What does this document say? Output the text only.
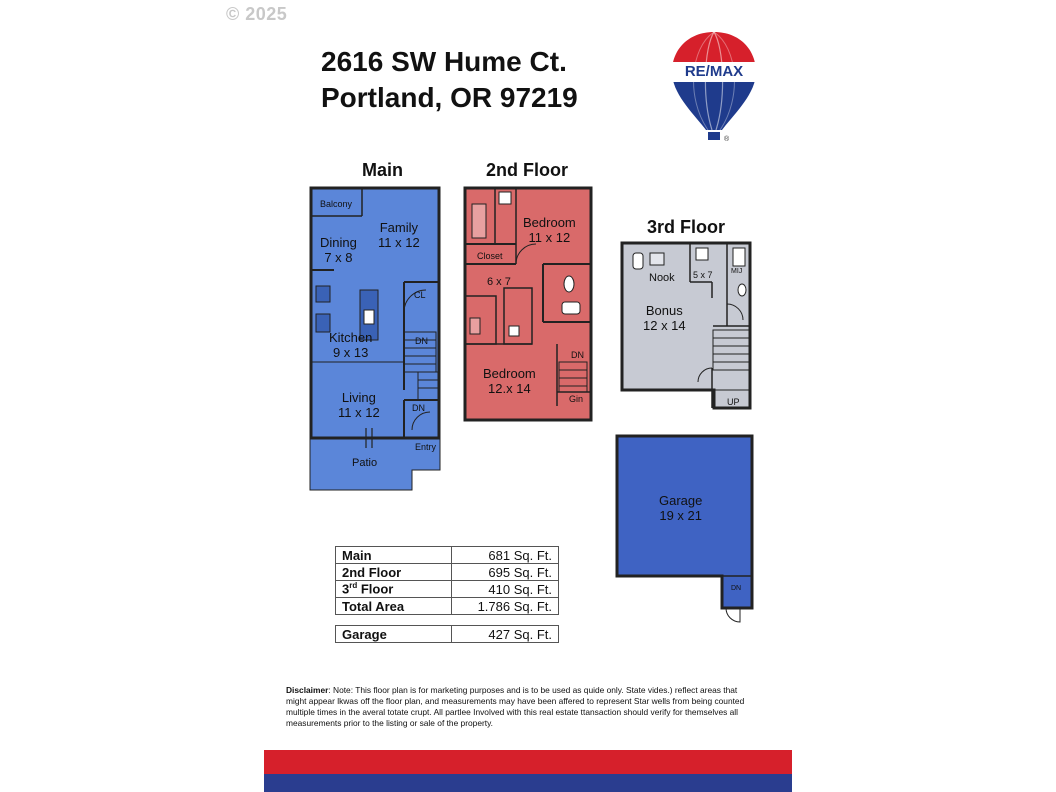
© 2025
2616 SW Hume Ct.
Portland, OR 97219
RE/MAX
®
Main	2nd Floor
3rd Floor
Balcony
Family
11 x 12
Dining
7 x 8
CL
Kitchen
9 x 13
DN
Living
11 x 12	DN
Entry
Patio
Bedroom
11 x 12
Closet
6 x 7
Bedroom
12.x 14
DN
Gin
Nook 5 x 7	MIJ
Bonus
12 x 14
UP
Garage
19 x 21
DN
Main	681 Sq. Ft.
2nd Floor	695 Sq. Ft.
3rd Floor	410 Sq. Ft.
Total Area	1.786 Sq. Ft.

Garage	427 Sq. Ft.
Disclaimer: Note: This floor plan is for marketing purposes and is to be used as quide only. State vides.) reflect areas that might appear lkwas off the floor plan, and measurements may have been affered to represent Star wells from being counted multiple times in the averal totate crupt. All partlee Involved with this real estate ttansaction should verify for themselves all measurements prior to the listing or sale of the property.
